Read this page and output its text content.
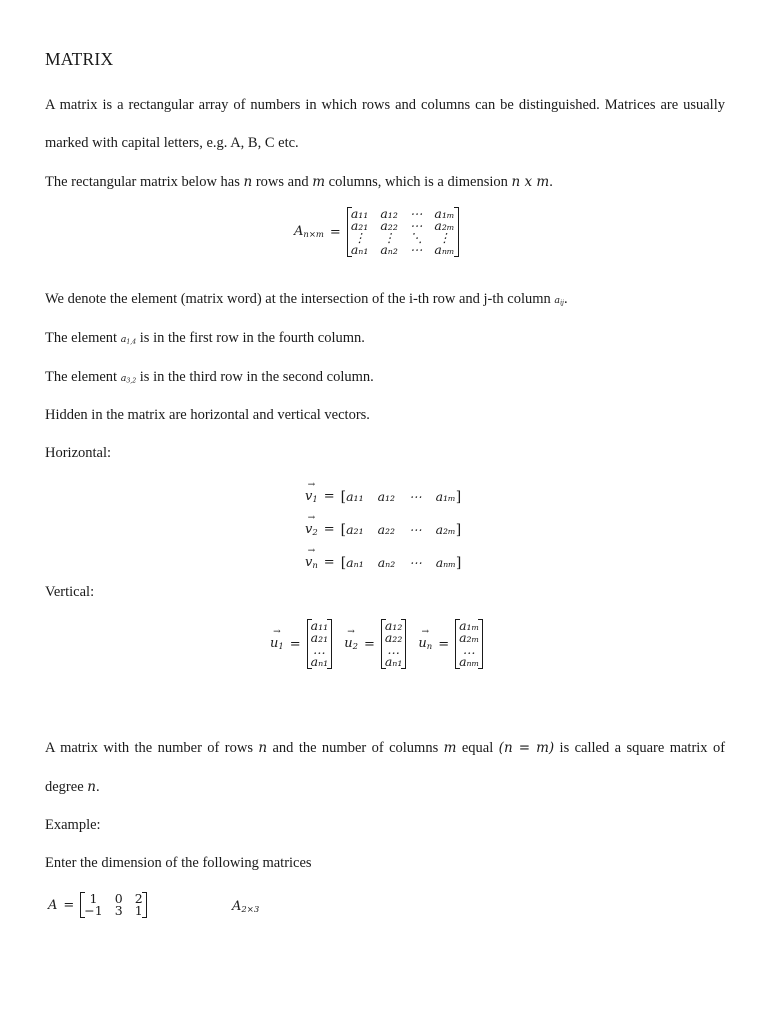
MATRIX
A matrix is a rectangular array of numbers in which rows and columns can be distinguished. Matrices are usually
marked with capital letters, e.g. A, B, C etc.
The rectangular matrix below has n rows and m columns, which is a dimension n x m.
$A_{n\times m}$ =
a₁₁ a₁₂ ⋯ a₁ₘ
a₂₁ a₂₂ ⋯ a₂ₘ
⋮ ⋮ ⋱	⋮
aₙ₁ aₙ₂ ⋯ aₙₘ
We denote the element (matrix word) at the intersection of the i-th row and j-th column $a_{ij}$.
The element $a_{1,4}$ is in the first row in the fourth column.
The element $a_{3,2}$ is in the third row in the second column.
Hidden in the matrix are horizontal and vertical vectors.
Horizontal:
→
$v_1$ = [ a₁₁ a₁₂ ⋯ a₁ₘ ]
→
$v_2$ = [ a₂₁ a₂₂ ⋯ a₂ₘ ]
→
$v_n$ = [ aₙ₁ aₙ₂ ⋯ aₙₘ ]
Vertical:
→
$u_1$ =
a₁₁
a₂₁
…
aₙ₁
→
$u_2$ =
a₁₂
a₂₂
…
aₙ₁
→
$u_n$ =
a₁ₘ
a₂ₘ
…
aₙₘ
A matrix with the number of rows n and the number of columns m equal (n = m) is called a square matrix of
degree n.
Example:
Enter the dimension of the following matrices
A =	1	0 2
−1 3 1	$A_{2\times 3}$
